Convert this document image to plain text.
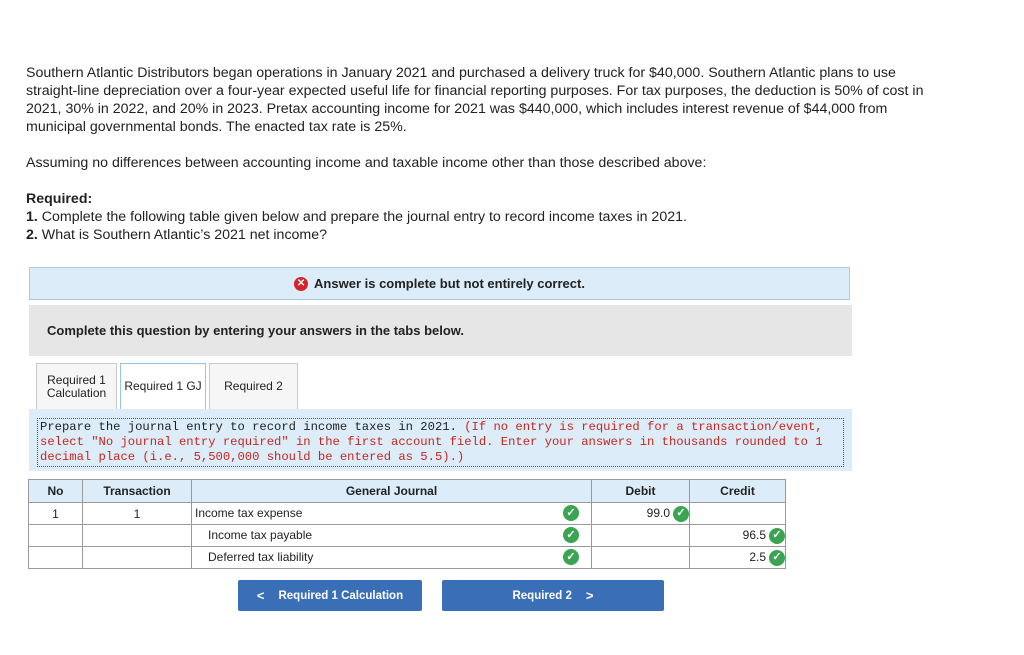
Southern Atlantic Distributors began operations in January 2021 and purchased a delivery truck for $40,000. Southern Atlantic plans to use straight-line depreciation over a four-year expected useful life for financial reporting purposes. For tax purposes, the deduction is 50% of cost in 2021, 30% in 2022, and 20% in 2023. Pretax accounting income for 2021 was $440,000, which includes interest revenue of $44,000 from municipal governmental bonds. The enacted tax rate is 25%.

Assuming no differences between accounting income and taxable income other than those described above:

Required:

1. Complete the following table given below and prepare the journal entry to record income taxes in 2021.

2. What is Southern Atlantic’s 2021 net income?

✕ Answer is complete but not entirely correct.
Complete this question by entering your answers in the tabs below.
Required 1
Calculation Required 1 GJ Required 2
Prepare the journal entry to record income taxes in 2021. (If no entry is required for a transaction/event, select "No journal entry required" in the first account field. Enter your answers in thousands rounded to 1 decimal place (i.e., 5,500,000 should be entered as 5.5).)
No	Transaction	General Journal	Debit	Credit
1	1	Income tax expense ✓	99.0 ✓	

		Income tax payable ✓		96.5 ✓

		Deferred tax liability ✓		2.5 ✓
< Required 1 Calculation	Required 2 >
